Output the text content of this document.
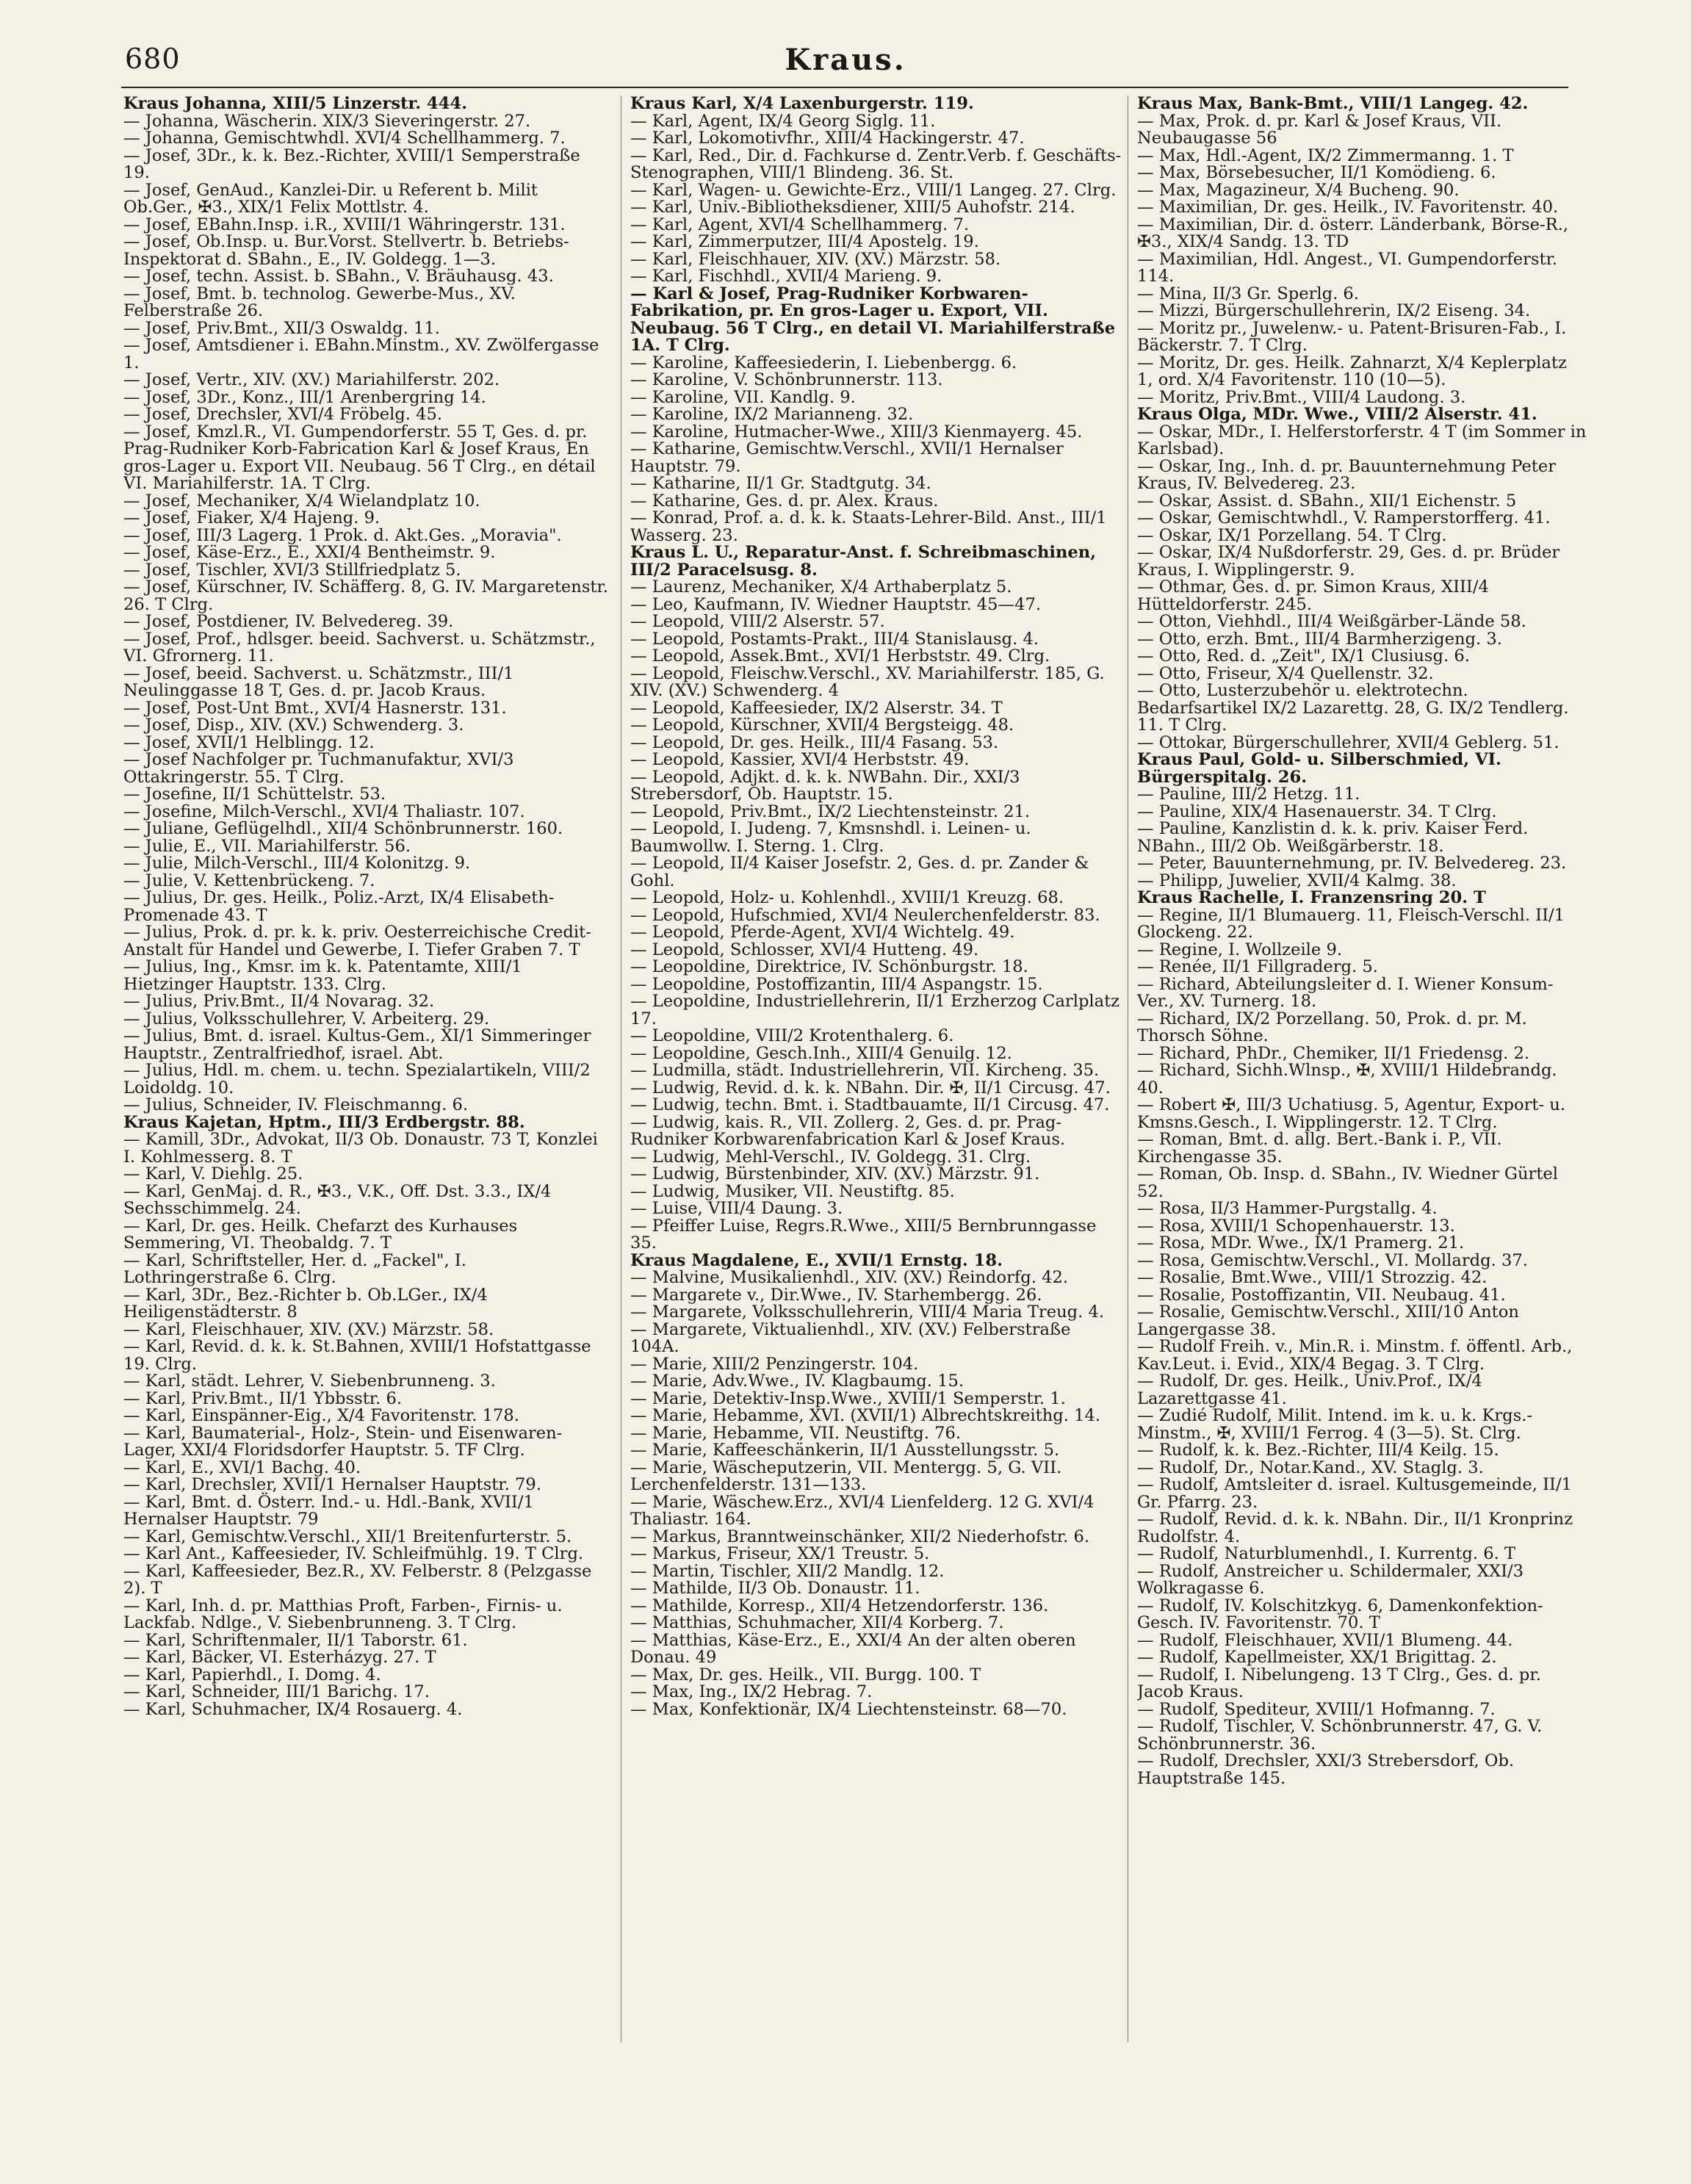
680	Kraus.

Kraus Johanna, XIII/5 Linzerstr. 444.

— Johanna, Wäscherin. XIX/3 Sieveringerstr. 27.

— Johanna, Gemischtwhdl. XVI/4 Schellhammerg. 7.

— Josef, 3Dr., k. k. Bez.-Richter, XVIII/1 Semperstraße 19.

— Josef, GenAud., Kanzlei-Dir. u Referent b. Milit Ob.Ger., ✠3., XIX/1 Felix Mottlstr. 4.

— Josef, EBahn.Insp. i.R., XVIII/1 Währingerstr. 131.

— Josef, Ob.Insp. u. Bur.Vorst. Stellvertr. b. Betriebs-Inspektorat d. SBahn., E., IV. Goldegg. 1—3.

— Josef, techn. Assist. b. SBahn., V. Bräuhausg. 43.

— Josef, Bmt. b. technolog. Gewerbe-Mus., XV. Felberstraße 26.

— Josef, Priv.Bmt., XII/3 Oswaldg. 11.

— Josef, Amtsdiener i. EBahn.Minstm., XV. Zwölfergasse 1.

— Josef, Vertr., XIV. (XV.) Mariahilferstr. 202.

— Josef, 3Dr., Konz., III/1 Arenbergring 14.

— Josef, Drechsler, XVI/4 Fröbelg. 45.

— Josef, Kmzl.R., VI. Gumpendorferstr. 55 T, Ges. d. pr. Prag-Rudniker Korb-Fabrication Karl & Josef Kraus, En gros-Lager u. Export VII. Neubaug. 56 T Clrg., en détail VI. Mariahilferstr. 1A. T Clrg.

— Josef, Mechaniker, X/4 Wielandplatz 10.

— Josef, Fiaker, X/4 Hajeng. 9.

— Josef, III/3 Lagerg. 1 Prok. d. Akt.Ges. „Moravia".

— Josef, Käse-Erz., E., XXI/4 Bentheimstr. 9.

— Josef, Tischler, XVI/3 Stillfriedplatz 5.

— Josef, Kürschner, IV. Schäfferg. 8, G. IV. Margaretenstr. 26. T Clrg.

— Josef, Postdiener, IV. Belvedereg. 39.

— Josef, Prof., hdlsger. beeid. Sachverst. u. Schätzmstr., VI. Gfrornerg. 11.

— Josef, beeid. Sachverst. u. Schätzmstr., III/1 Neulinggasse 18 T, Ges. d. pr. Jacob Kraus.

— Josef, Post-Unt Bmt., XVI/4 Hasnerstr. 131.

— Josef, Disp., XIV. (XV.) Schwenderg. 3.

— Josef, XVII/1 Helblingg. 12.

— Josef Nachfolger pr. Tuchmanufaktur, XVI/3 Ottakringerstr. 55. T Clrg.

— Josefine, II/1 Schüttelstr. 53.

— Josefine, Milch-Verschl., XVI/4 Thaliastr. 107.

— Juliane, Geflügelhdl., XII/4 Schönbrunnerstr. 160.

— Julie, E., VII. Mariahilferstr. 56.

— Julie, Milch-Verschl., III/4 Kolonitzg. 9.

— Julie, V. Kettenbrückeng. 7.

— Julius, Dr. ges. Heilk., Poliz.-Arzt, IX/4 Elisabeth-Promenade 43. T

— Julius, Prok. d. pr. k. k. priv. Oesterreichische Credit-Anstalt für Handel und Gewerbe, I. Tiefer Graben 7. T

— Julius, Ing., Kmsr. im k. k. Patentamte, XIII/1 Hietzinger Hauptstr. 133. Clrg.

— Julius, Priv.Bmt., II/4 Novarag. 32.

— Julius, Volksschullehrer, V. Arbeiterg. 29.

— Julius, Bmt. d. israel. Kultus-Gem., XI/1 Simmeringer Hauptstr., Zentralfriedhof, israel. Abt.

— Julius, Hdl. m. chem. u. techn. Spezialartikeln, VIII/2 Loidoldg. 10.

— Julius, Schneider, IV. Fleischmanng. 6.

Kraus Kajetan, Hptm., III/3 Erdbergstr. 88.

— Kamill, 3Dr., Advokat, II/3 Ob. Donaustr. 73 T, Konzlei I. Kohlmesserg. 8. T

— Karl, V. Diehlg. 25.

— Karl, GenMaj. d. R., ✠3., V.K., Off. Dst. 3.3., IX/4 Sechsschimmelg. 24.

— Karl, Dr. ges. Heilk. Chefarzt des Kurhauses Semmering, VI. Theobaldg. 7. T

— Karl, Schriftsteller, Her. d. „Fackel", I. Lothringerstraße 6. Clrg.

— Karl, 3Dr., Bez.-Richter b. Ob.LGer., IX/4 Heiligenstädterstr. 8

— Karl, Fleischhauer, XIV. (XV.) Märzstr. 58.

— Karl, Revid. d. k. k. St.Bahnen, XVIII/1 Hofstattgasse 19. Clrg.

— Karl, städt. Lehrer, V. Siebenbrunneng. 3.

— Karl, Priv.Bmt., II/1 Ybbsstr. 6.

— Karl, Einspänner-Eig., X/4 Favoritenstr. 178.

— Karl, Baumaterial-, Holz-, Stein- und Eisenwaren-Lager, XXI/4 Floridsdorfer Hauptstr. 5. TF Clrg.

— Karl, E., XVI/1 Bachg. 40.

— Karl, Drechsler, XVII/1 Hernalser Hauptstr. 79.

— Karl, Bmt. d. Österr. Ind.- u. Hdl.-Bank, XVII/1 Hernalser Hauptstr. 79

— Karl, Gemischtw.Verschl., XII/1 Breitenfurterstr. 5.

— Karl Ant., Kaffeesieder, IV. Schleifmühlg. 19. T Clrg.

— Karl, Kaffeesieder, Bez.R., XV. Felberstr. 8 (Pelzgasse 2). T

— Karl, Inh. d. pr. Matthias Proft, Farben-, Firnis- u. Lackfab. Ndlge., V. Siebenbrunneng. 3. T Clrg.

— Karl, Schriftenmaler, II/1 Taborstr. 61.

— Karl, Bäcker, VI. Esterházyg. 27. T

— Karl, Papierhdl., I. Domg. 4.

— Karl, Schneider, III/1 Barichg. 17.

— Karl, Schuhmacher, IX/4 Rosauerg. 4.

Kraus Karl, X/4 Laxenburgerstr. 119.

— Karl, Agent, IX/4 Georg Siglg. 11.

— Karl, Lokomotivfhr., XIII/4 Hackingerstr. 47.

— Karl, Red., Dir. d. Fachkurse d. Zentr.Verb. f. Geschäfts-Stenographen, VIII/1 Blindeng. 36. St.

— Karl, Wagen- u. Gewichte-Erz., VIII/1 Langeg. 27. Clrg.

— Karl, Univ.-Bibliotheksdiener, XIII/5 Auhofstr. 214.

— Karl, Agent, XVI/4 Schellhammerg. 7.

— Karl, Zimmerputzer, III/4 Apostelg. 19.

— Karl, Fleischhauer, XIV. (XV.) Märzstr. 58.

— Karl, Fischhdl., XVII/4 Marieng. 9.

— Karl & Josef, Prag-Rudniker Korbwaren-Fabrikation, pr. En gros-Lager u. Export, VII. Neubaug. 56 T Clrg., en detail VI. Mariahilferstraße 1A. T Clrg.

— Karoline, Kaffeesiederin, I. Liebenbergg. 6.

— Karoline, V. Schönbrunnerstr. 113.

— Karoline, VII. Kandlg. 9.

— Karoline, IX/2 Marianneng. 32.

— Karoline, Hutmacher-Wwe., XIII/3 Kienmayerg. 45.

— Katharine, Gemischtw.Verschl., XVII/1 Hernalser Hauptstr. 79.

— Katharine, II/1 Gr. Stadtgutg. 34.

— Katharine, Ges. d. pr. Alex. Kraus.

— Konrad, Prof. a. d. k. k. Staats-Lehrer-Bild. Anst., III/1 Wasserg. 23.

Kraus L. U., Reparatur-Anst. f. Schreibmaschinen, III/2 Paracelsusg. 8.

— Laurenz, Mechaniker, X/4 Arthaberplatz 5.

— Leo, Kaufmann, IV. Wiedner Hauptstr. 45—47.

— Leopold, VIII/2 Alserstr. 57.

— Leopold, Postamts-Prakt., III/4 Stanislausg. 4.

— Leopold, Assek.Bmt., XVI/1 Herbststr. 49. Clrg.

— Leopold, Fleischw.Verschl., XV. Mariahilferstr. 185, G. XIV. (XV.) Schwenderg. 4

— Leopold, Kaffeesieder, IX/2 Alserstr. 34. T

— Leopold, Kürschner, XVII/4 Bergsteigg. 48.

— Leopold, Dr. ges. Heilk., III/4 Fasang. 53.

— Leopold, Kassier, XVI/4 Herbststr. 49.

— Leopold, Adjkt. d. k. k. NWBahn. Dir., XXI/3 Strebersdorf, Ob. Hauptstr. 15.

— Leopold, Priv.Bmt., IX/2 Liechtensteinstr. 21.

— Leopold, I. Judeng. 7, Kmsnshdl. i. Leinen- u. Baumwollw. I. Sterng. 1. Clrg.

— Leopold, II/4 Kaiser Josefstr. 2, Ges. d. pr. Zander & Gohl.

— Leopold, Holz- u. Kohlenhdl., XVIII/1 Kreuzg. 68.

— Leopold, Hufschmied, XVI/4 Neulerchenfelderstr. 83.

— Leopold, Pferde-Agent, XVI/4 Wichtelg. 49.

— Leopold, Schlosser, XVI/4 Hutteng. 49.

— Leopoldine, Direktrice, IV. Schönburgstr. 18.

— Leopoldine, Postoffizantin, III/4 Aspangstr. 15.

— Leopoldine, Industriellehrerin, II/1 Erzherzog Carlplatz 17.

— Leopoldine, VIII/2 Krotenthalerg. 6.

— Leopoldine, Gesch.Inh., XIII/4 Genuilg. 12.

— Ludmilla, städt. Industriellehrerin, VII. Kircheng. 35.

— Ludwig, Revid. d. k. k. NBahn. Dir. ✠, II/1 Circusg. 47.

— Ludwig, techn. Bmt. i. Stadtbauamte, II/1 Circusg. 47.

— Ludwig, kais. R., VII. Zollerg. 2, Ges. d. pr. Prag-Rudniker Korbwarenfabrication Karl & Josef Kraus.

— Ludwig, Mehl-Verschl., IV. Goldegg. 31. Clrg.

— Ludwig, Bürstenbinder, XIV. (XV.) Märzstr. 91.

— Ludwig, Musiker, VII. Neustiftg. 85.

— Luise, VIII/4 Daung. 3.

— Pfeiffer Luise, Regrs.R.Wwe., XIII/5 Bernbrunngasse 35.

Kraus Magdalene, E., XVII/1 Ernstg. 18.

— Malvine, Musikalienhdl., XIV. (XV.) Reindorfg. 42.

— Margarete v., Dir.Wwe., IV. Starhembergg. 26.

— Margarete, Volksschullehrerin, VIII/4 Maria Treug. 4.

— Margarete, Viktualienhdl., XIV. (XV.) Felberstraße 104A.

— Marie, XIII/2 Penzingerstr. 104.

— Marie, Adv.Wwe., IV. Klagbaumg. 15.

— Marie, Detektiv-Insp.Wwe., XVIII/1 Semperstr. 1.

— Marie, Hebamme, XVI. (XVII/1) Albrechtskreithg. 14.

— Marie, Hebamme, VII. Neustiftg. 76.

— Marie, Kaffeeschänkerin, II/1 Ausstellungsstr. 5.

— Marie, Wäscheputzerin, VII. Mentergg. 5, G. VII. Lerchenfelderstr. 131—133.

— Marie, Wäschew.Erz., XVI/4 Lienfelderg. 12 G. XVI/4 Thaliastr. 164.

— Markus, Branntweinschänker, XII/2 Niederhofstr. 6.

— Markus, Friseur, XX/1 Treustr. 5.

— Martin, Tischler, XII/2 Mandlg. 12.

— Mathilde, II/3 Ob. Donaustr. 11.

— Mathilde, Korresp., XII/4 Hetzendorferstr. 136.

— Matthias, Schuhmacher, XII/4 Korberg. 7.

— Matthias, Käse-Erz., E., XXI/4 An der alten oberen Donau. 49

— Max, Dr. ges. Heilk., VII. Burgg. 100. T

— Max, Ing., IX/2 Hebrag. 7.

— Max, Konfektionär, IX/4 Liechtensteinstr. 68—70.

Kraus Max, Bank-Bmt., VIII/1 Langeg. 42.

— Max, Prok. d. pr. Karl & Josef Kraus, VII. Neubaugasse 56

— Max, Hdl.-Agent, IX/2 Zimmermanng. 1. T

— Max, Börsebesucher, II/1 Komödieng. 6.

— Max, Magazineur, X/4 Bucheng. 90.

— Maximilian, Dr. ges. Heilk., IV. Favoritenstr. 40.

— Maximilian, Dir. d. österr. Länderbank, Börse-R., ✠3., XIX/4 Sandg. 13. TD

— Maximilian, Hdl. Angest., VI. Gumpendorferstr. 114.

— Mina, II/3 Gr. Sperlg. 6.

— Mizzi, Bürgerschullehrerin, IX/2 Eiseng. 34.

— Moritz pr., Juwelenw.- u. Patent-Brisuren-Fab., I. Bäckerstr. 7. T Clrg.

— Moritz, Dr. ges. Heilk. Zahnarzt, X/4 Keplerplatz 1, ord. X/4 Favoritenstr. 110 (10—5).

— Moritz, Priv.Bmt., VIII/4 Laudong. 3.

Kraus Olga, MDr. Wwe., VIII/2 Alserstr. 41.

— Oskar, MDr., I. Helferstorferstr. 4 T (im Sommer in Karlsbad).

— Oskar, Ing., Inh. d. pr. Bauunternehmung Peter Kraus, IV. Belvedereg. 23.

— Oskar, Assist. d. SBahn., XII/1 Eichenstr. 5

— Oskar, Gemischtwhdl., V. Ramperstorfferg. 41.

— Oskar, IX/1 Porzellang. 54. T Clrg.

— Oskar, IX/4 Nußdorferstr. 29, Ges. d. pr. Brüder Kraus, I. Wipplingerstr. 9.

— Othmar, Ges. d. pr. Simon Kraus, XIII/4 Hütteldorferstr. 245.

— Otton, Viehhdl., III/4 Weißgärber-Lände 58.

— Otto, erzh. Bmt., III/4 Barmherzigeng. 3.

— Otto, Red. d. „Zeit", IX/1 Clusiusg. 6.

— Otto, Friseur, X/4 Quellenstr. 32.

— Otto, Lusterzubehör u. elektrotechn. Bedarfsartikel IX/2 Lazarettg. 28, G. IX/2 Tendlerg. 11. T Clrg.

— Ottokar, Bürgerschullehrer, XVII/4 Geblerg. 51.

Kraus Paul, Gold- u. Silberschmied, VI. Bürgerspitalg. 26.

— Pauline, III/2 Hetzg. 11.

— Pauline, XIX/4 Hasenauerstr. 34. T Clrg.

— Pauline, Kanzlistin d. k. k. priv. Kaiser Ferd. NBahn., III/2 Ob. Weißgärberstr. 18.

— Peter, Bauunternehmung, pr. IV. Belvedereg. 23.

— Philipp, Juwelier, XVII/4 Kalmg. 38.

Kraus Rachelle, I. Franzensring 20. T

— Regine, II/1 Blumauerg. 11, Fleisch-Verschl. II/1 Glockeng. 22.

— Regine, I. Wollzeile 9.

— Renée, II/1 Fillgraderg. 5.

— Richard, Abteilungsleiter d. I. Wiener Konsum-Ver., XV. Turnerg. 18.

— Richard, IX/2 Porzellang. 50, Prok. d. pr. M. Thorsch Söhne.

— Richard, PhDr., Chemiker, II/1 Friedensg. 2.

— Richard, Sichh.Wlnsp., ✠, XVIII/1 Hildebrandg. 40.

— Robert ✠, III/3 Uchatiusg. 5, Agentur, Export- u. Kmsns.Gesch., I. Wipplingerstr. 12. T Clrg.

— Roman, Bmt. d. allg. Bert.-Bank i. P., VII. Kirchengasse 35.

— Roman, Ob. Insp. d. SBahn., IV. Wiedner Gürtel 52.

— Rosa, II/3 Hammer-Purgstallg. 4.

— Rosa, XVIII/1 Schopenhauerstr. 13.

— Rosa, MDr. Wwe., IX/1 Pramerg. 21.

— Rosa, Gemischtw.Verschl., VI. Mollardg. 37.

— Rosalie, Bmt.Wwe., VIII/1 Strozzig. 42.

— Rosalie, Postoffizantin, VII. Neubaug. 41.

— Rosalie, Gemischtw.Verschl., XIII/10 Anton Langergasse 38.

— Rudolf Freih. v., Min.R. i. Minstm. f. öffentl. Arb., Kav.Leut. i. Evid., XIX/4 Begag. 3. T Clrg.

— Rudolf, Dr. ges. Heilk., Univ.Prof., IX/4 Lazarettgasse 41.

— Zudié Rudolf, Milit. Intend. im k. u. k. Krgs.-Minstm., ✠, XVIII/1 Ferrog. 4 (3—5). St. Clrg.

— Rudolf, k. k. Bez.-Richter, III/4 Keilg. 15.

— Rudolf, Dr., Notar.Kand., XV. Staglg. 3.

— Rudolf, Amtsleiter d. israel. Kultusgemeinde, II/1 Gr. Pfarrg. 23.

— Rudolf, Revid. d. k. k. NBahn. Dir., II/1 Kronprinz Rudolfstr. 4.

— Rudolf, Naturblumenhdl., I. Kurrentg. 6. T

— Rudolf, Anstreicher u. Schildermaler, XXI/3 Wolkragasse 6.

— Rudolf, IV. Kolschitzkyg. 6, Damenkonfektion-Gesch. IV. Favoritenstr. 70. T

— Rudolf, Fleischhauer, XVII/1 Blumeng. 44.

— Rudolf, Kapellmeister, XX/1 Brigittag. 2.

— Rudolf, I. Nibelungeng. 13 T Clrg., Ges. d. pr. Jacob Kraus.

— Rudolf, Spediteur, XVIII/1 Hofmanng. 7.

— Rudolf, Tischler, V. Schönbrunnerstr. 47, G. V. Schönbrunnerstr. 36.

— Rudolf, Drechsler, XXI/3 Strebersdorf, Ob. Hauptstraße 145.
